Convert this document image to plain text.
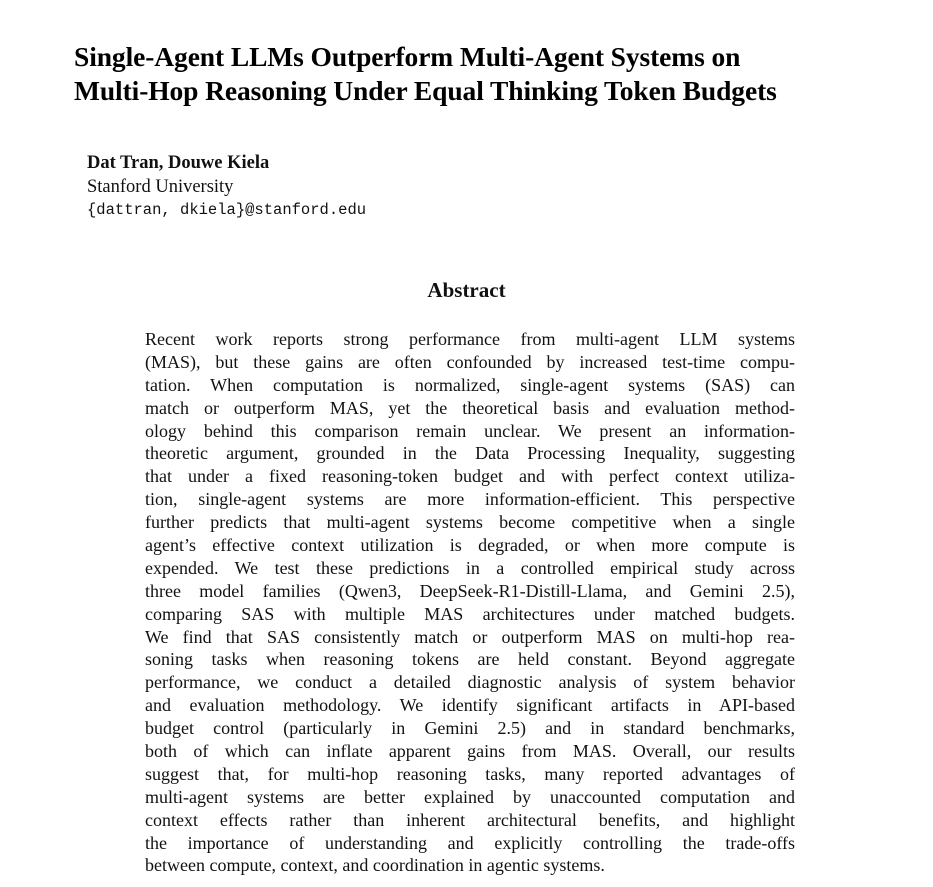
Single-Agent LLMs Outperform Multi-Agent Systems on
Multi-Hop Reasoning Under Equal Thinking Token Budgets
Dat Tran, Douwe Kiela
Stanford University
{dattran, dkiela}@stanford.edu
Abstract
Recent work reports strong performance from multi-agent LLM systems
(MAS), but these gains are often confounded by increased test-time compu-
tation. When computation is normalized, single-agent systems (SAS) can
match or outperform MAS, yet the theoretical basis and evaluation method-
ology behind this comparison remain unclear. We present an information-
theoretic argument, grounded in the Data Processing Inequality, suggesting
that under a fixed reasoning-token budget and with perfect context utiliza-
tion, single-agent systems are more information-efficient. This perspective
further predicts that multi-agent systems become competitive when a single
agent’s effective context utilization is degraded, or when more compute is
expended. We test these predictions in a controlled empirical study across
three model families (Qwen3, DeepSeek-R1-Distill-Llama, and Gemini 2.5),
comparing SAS with multiple MAS architectures under matched budgets.
We find that SAS consistently match or outperform MAS on multi-hop rea-
soning tasks when reasoning tokens are held constant. Beyond aggregate
performance, we conduct a detailed diagnostic analysis of system behavior
and evaluation methodology. We identify significant artifacts in API-based
budget control (particularly in Gemini 2.5) and in standard benchmarks,
both of which can inflate apparent gains from MAS. Overall, our results
suggest that, for multi-hop reasoning tasks, many reported advantages of
multi-agent systems are better explained by unaccounted computation and
context effects rather than inherent architectural benefits, and highlight
the importance of understanding and explicitly controlling the trade-offs
between compute, context, and coordination in agentic systems.
